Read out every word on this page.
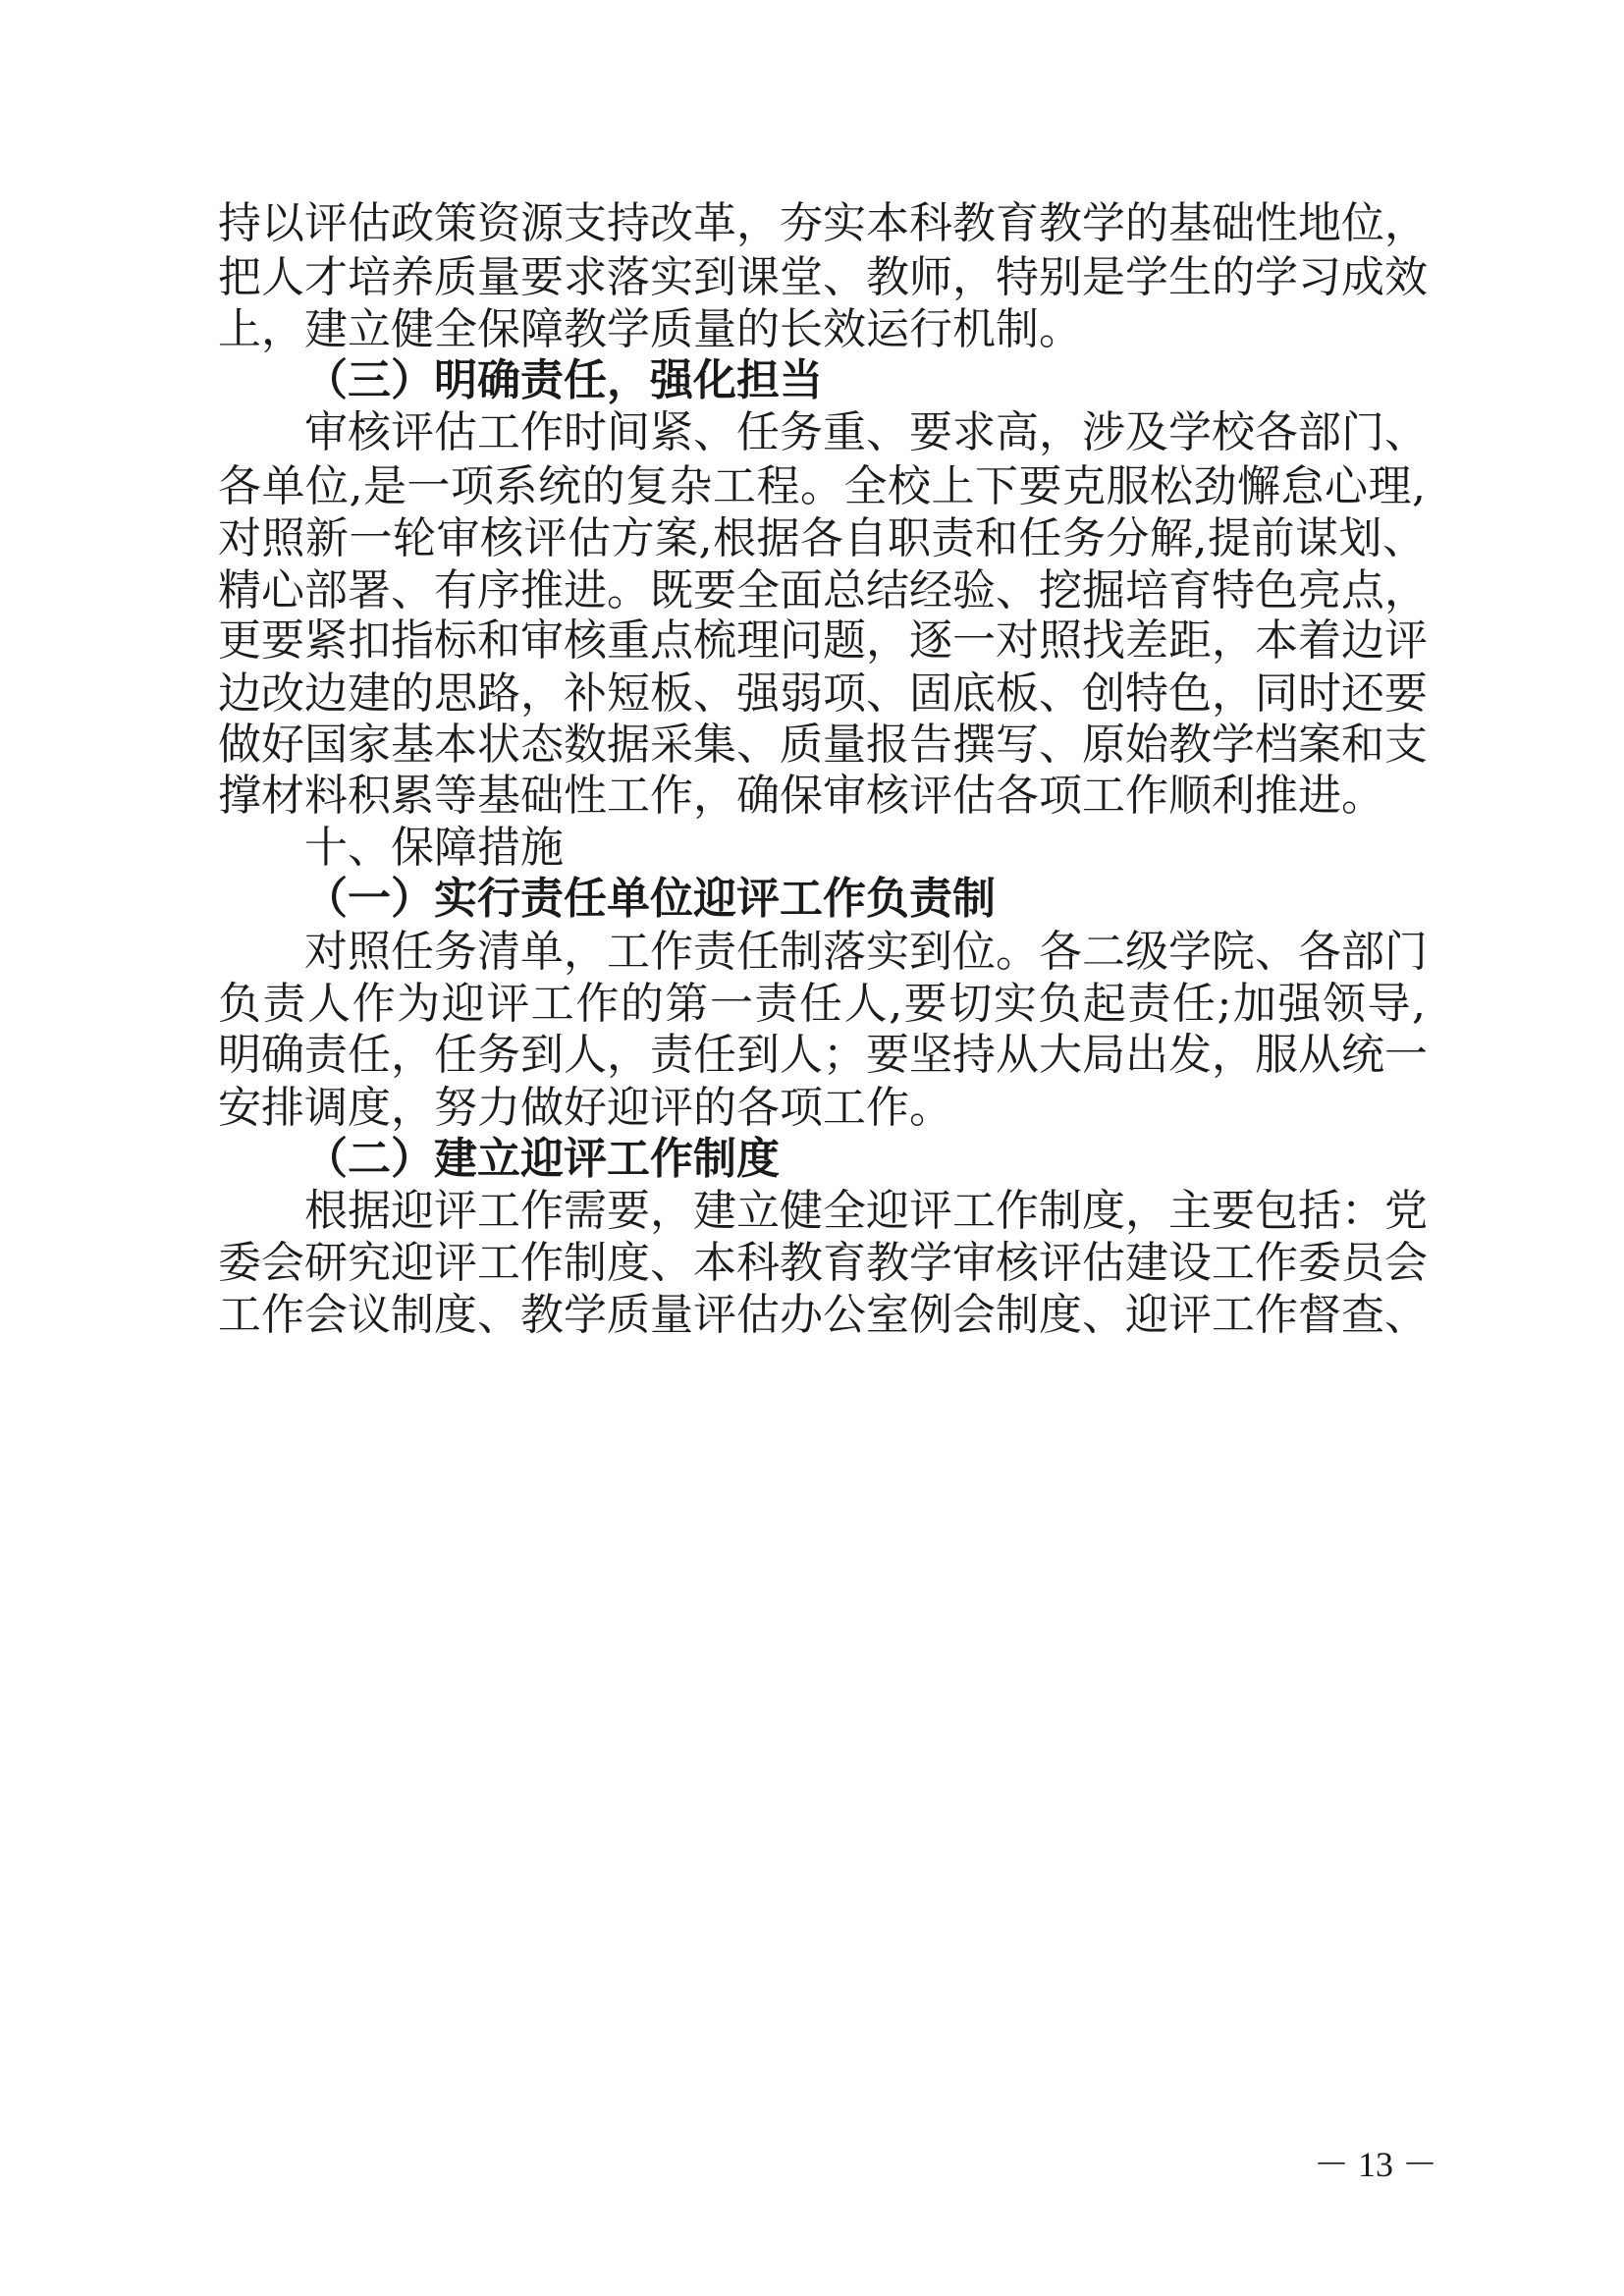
持以评估政策资源支持改革，夯实本科教育教学的基础性地位，
把人才培养质量要求落实到课堂、教师，特别是学生的学习成效
上，建立健全保障教学质量的长效运行机制。
（三）明确责任，强化担当
审核评估工作时间紧、任务重、要求高，涉及学校各部门、
各单位,是一项系统的复杂工程。全校上下要克服松劲懈怠心理,
对照新一轮审核评估方案,根据各自职责和任务分解,提前谋划、
精心部署、有序推进。既要全面总结经验、挖掘培育特色亮点，
更要紧扣指标和审核重点梳理问题，逐一对照找差距，本着边评
边改边建的思路，补短板、强弱项、固底板、创特色，同时还要
做好国家基本状态数据采集、质量报告撰写、原始教学档案和支
撑材料积累等基础性工作，确保审核评估各项工作顺利推进。
十、保障措施
（一）实行责任单位迎评工作负责制
对照任务清单，工作责任制落实到位。各二级学院、各部门
负责人作为迎评工作的第一责任人,要切实负起责任;加强领导,
明确责任，任务到人，责任到人；要坚持从大局出发，服从统一
安排调度，努力做好迎评的各项工作。
（二）建立迎评工作制度
根据迎评工作需要，建立健全迎评工作制度，主要包括：党
委会研究迎评工作制度、本科教育教学审核评估建设工作委员会
工作会议制度、教学质量评估办公室例会制度、迎评工作督查、
－ 13 －
